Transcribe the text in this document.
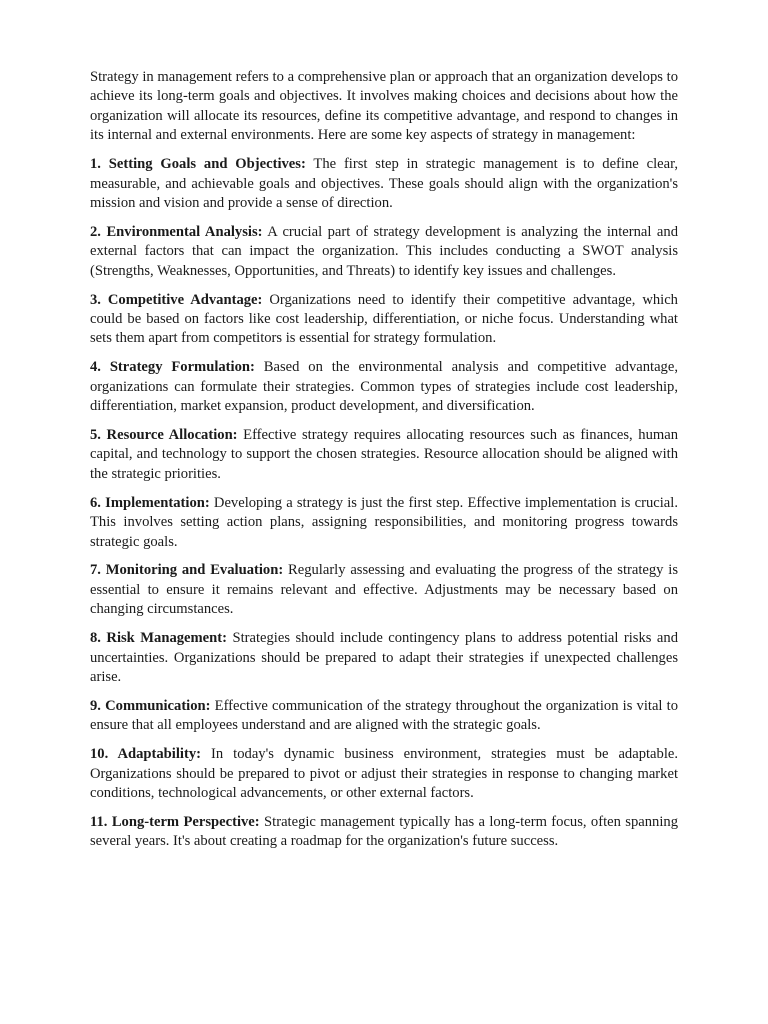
Strategy in management refers to a comprehensive plan or approach that an organization develops to achieve its long-term goals and objectives. It involves making choices and decisions about how the organization will allocate its resources, define its competitive advantage, and respond to changes in its internal and external environments. Here are some key aspects of strategy in management:

1. Setting Goals and Objectives: The first step in strategic management is to define clear, measurable, and achievable goals and objectives. These goals should align with the organization's mission and vision and provide a sense of direction.

2. Environmental Analysis: A crucial part of strategy development is analyzing the internal and external factors that can impact the organization. This includes conducting a SWOT analysis (Strengths, Weaknesses, Opportunities, and Threats) to identify key issues and challenges.

3. Competitive Advantage: Organizations need to identify their competitive advantage, which could be based on factors like cost leadership, differentiation, or niche focus. Understanding what sets them apart from competitors is essential for strategy formulation.

4. Strategy Formulation: Based on the environmental analysis and competitive advantage, organizations can formulate their strategies. Common types of strategies include cost leadership, differentiation, market expansion, product development, and diversification.

5. Resource Allocation: Effective strategy requires allocating resources such as finances, human capital, and technology to support the chosen strategies. Resource allocation should be aligned with the strategic priorities.

6. Implementation: Developing a strategy is just the first step. Effective implementation is crucial. This involves setting action plans, assigning responsibilities, and monitoring progress towards strategic goals.

7. Monitoring and Evaluation: Regularly assessing and evaluating the progress of the strategy is essential to ensure it remains relevant and effective. Adjustments may be necessary based on changing circumstances.

8. Risk Management: Strategies should include contingency plans to address potential risks and uncertainties. Organizations should be prepared to adapt their strategies if unexpected challenges arise.

9. Communication: Effective communication of the strategy throughout the organization is vital to ensure that all employees understand and are aligned with the strategic goals.

10. Adaptability: In today's dynamic business environment, strategies must be adaptable. Organizations should be prepared to pivot or adjust their strategies in response to changing market conditions, technological advancements, or other external factors.

11. Long-term Perspective: Strategic management typically has a long-term focus, often spanning several years. It's about creating a roadmap for the organization's future success.
